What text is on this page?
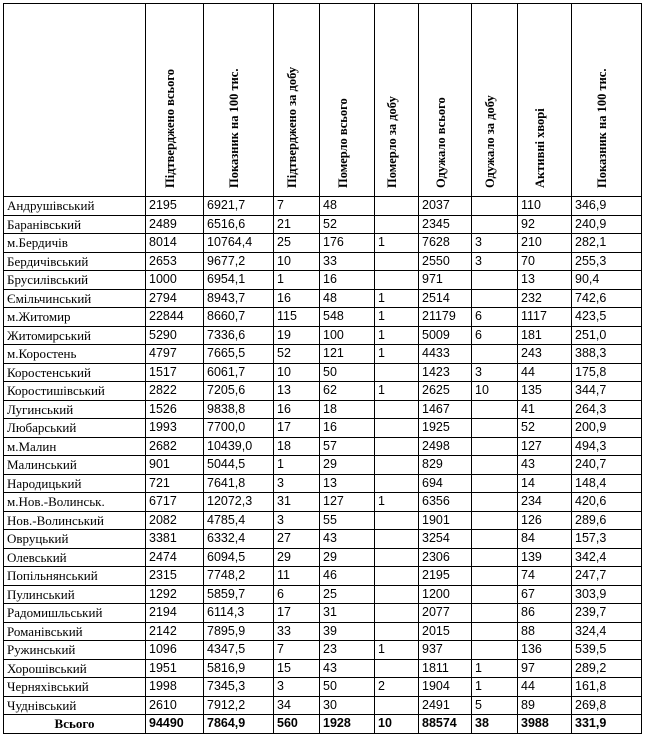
	Підтверджено всього	Показник на 100 тис.	Підтверджено за добу	Померло всього	Померло за добу	Одужало всього	Одужало за добу	Активні хворі	Показник на 100 тис.
Андрушівський	2195	6921,7	7	48		2037		110	346,9
Баранівський	2489	6516,6	21	52		2345		92	240,9
м.Бердичів	8014	10764,4	25	176	1	7628	3	210	282,1
Бердичівський	2653	9677,2	10	33		2550	3	70	255,3
Брусилівський	1000	6954,1	1	16		971		13	90,4
Ємільчинський	2794	8943,7	16	48	1	2514		232	742,6
м.Житомир	22844	8660,7	115	548	1	21179	6	1117	423,5
Житомирський	5290	7336,6	19	100	1	5009	6	181	251,0
м.Коростень	4797	7665,5	52	121	1	4433		243	388,3
Коростенський	1517	6061,7	10	50		1423	3	44	175,8
Коростишівський	2822	7205,6	13	62	1	2625	10	135	344,7
Лугинський	1526	9838,8	16	18		1467		41	264,3
Любарський	1993	7700,0	17	16		1925		52	200,9
м.Малин	2682	10439,0	18	57		2498		127	494,3
Малинський	901	5044,5	1	29		829		43	240,7
Народицький	721	7641,8	3	13		694		14	148,4
м.Нов.-Волинськ.	6717	12072,3	31	127	1	6356		234	420,6
Нов.-Волинський	2082	4785,4	3	55		1901		126	289,6
Овруцький	3381	6332,4	27	43		3254		84	157,3
Олевський	2474	6094,5	29	29		2306		139	342,4
Попільнянський	2315	7748,2	11	46		2195		74	247,7
Пулинський	1292	5859,7	6	25		1200		67	303,9
Радомишльський	2194	6114,3	17	31		2077		86	239,7
Романівський	2142	7895,9	33	39		2015		88	324,4
Ружинський	1096	4347,5	7	23	1	937		136	539,5
Хорошівський	1951	5816,9	15	43		1811	1	97	289,2
Черняхівський	1998	7345,3	3	50	2	1904	1	44	161,8
Чуднівський	2610	7912,2	34	30		2491	5	89	269,8
Всього	94490	7864,9	560	1928	10	88574	38	3988	331,9
